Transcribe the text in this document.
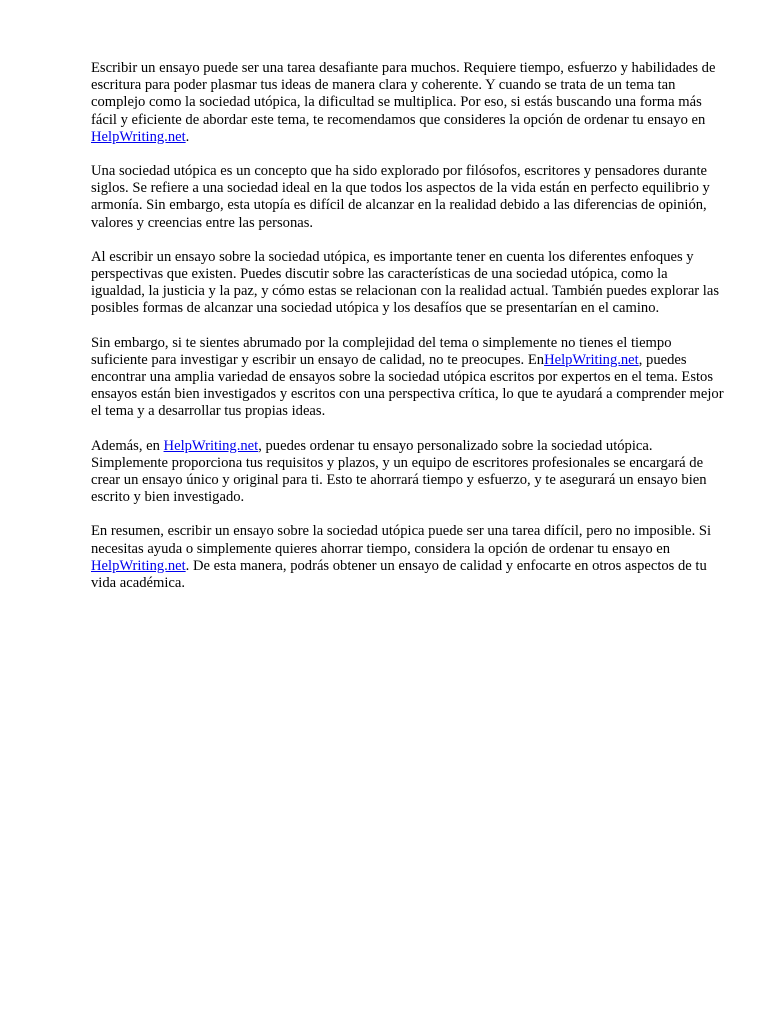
Escribir un ensayo puede ser una tarea desafiante para muchos. Requiere tiempo, esfuerzo y habilidades de escritura para poder plasmar tus ideas de manera clara y coherente. Y cuando se trata de un tema tan complejo como la sociedad utópica, la dificultad se multiplica. Por eso, si estás buscando una forma más fácil y eficiente de abordar este tema, te recomendamos que consideres la opción de ordenar tu ensayo en HelpWriting.net.

Una sociedad utópica es un concepto que ha sido explorado por filósofos, escritores y pensadores durante siglos. Se refiere a una sociedad ideal en la que todos los aspectos de la vida están en perfecto equilibrio y armonía. Sin embargo, esta utopía es difícil de alcanzar en la realidad debido a las diferencias de opinión, valores y creencias entre las personas.

Al escribir un ensayo sobre la sociedad utópica, es importante tener en cuenta los diferentes enfoques y perspectivas que existen. Puedes discutir sobre las características de una sociedad utópica, como la igualdad, la justicia y la paz, y cómo estas se relacionan con la realidad actual. También puedes explorar las posibles formas de alcanzar una sociedad utópica y los desafíos que se presentarían en el camino.

Sin embargo, si te sientes abrumado por la complejidad del tema o simplemente no tienes el tiempo suficiente para investigar y escribir un ensayo de calidad, no te preocupes. EnHelpWriting.net, puedes encontrar una amplia variedad de ensayos sobre la sociedad utópica escritos por expertos en el tema. Estos ensayos están bien investigados y escritos con una perspectiva crítica, lo que te ayudará a comprender mejor el tema y a desarrollar tus propias ideas.

Además, en HelpWriting.net, puedes ordenar tu ensayo personalizado sobre la sociedad utópica. Simplemente proporciona tus requisitos y plazos, y un equipo de escritores profesionales se encargará de crear un ensayo único y original para ti. Esto te ahorrará tiempo y esfuerzo, y te asegurará un ensayo bien escrito y bien investigado.

En resumen, escribir un ensayo sobre la sociedad utópica puede ser una tarea difícil, pero no imposible. Si necesitas ayuda o simplemente quieres ahorrar tiempo, considera la opción de ordenar tu ensayo en HelpWriting.net. De esta manera, podrás obtener un ensayo de calidad y enfocarte en otros aspectos de tu vida académica.
